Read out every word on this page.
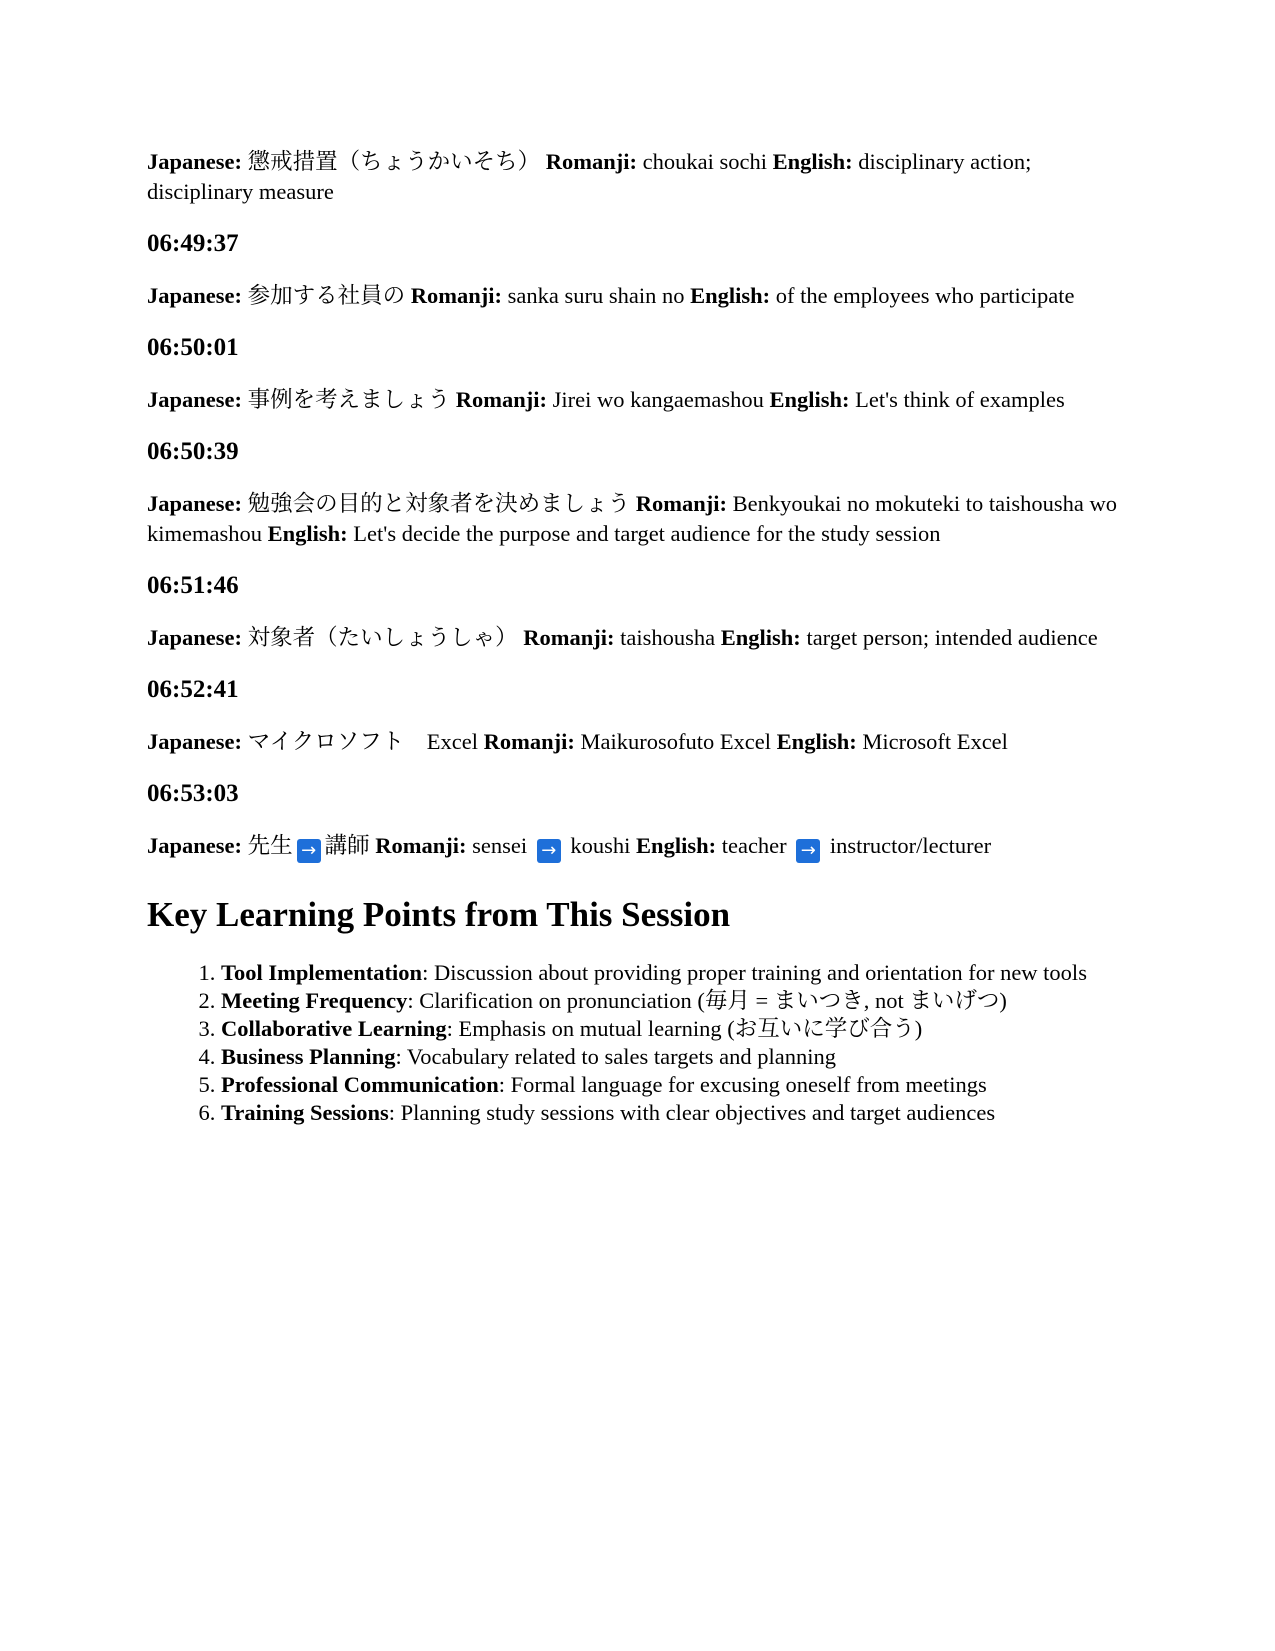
Japanese: 懲戒措置（ちょうかいそち） Romanji: choukai sochi English: disciplinary action; disciplinary measure

06:49:37

Japanese: 参加する社員の Romanji: sanka suru shain no English: of the employees who participate

06:50:01

Japanese: 事例を考えましょう Romanji: Jirei wo kangaemashou English: Let's think of examples

06:50:39

Japanese: 勉強会の目的と対象者を決めましょう Romanji: Benkyoukai no mokuteki to taishousha wo kimemashou English: Let's decide the purpose and target audience for the study session

06:51:46

Japanese: 対象者（たいしょうしゃ） Romanji: taishousha English: target person; intended audience

06:52:41

Japanese: マイクロソフト　Excel Romanji: Maikurosofuto Excel English: Microsoft Excel

06:53:03

Japanese: 先生 → 講師 Romanji: sensei → koushi English: teacher → instructor/lecturer

Key Learning Points from This Session
1. Tool Implementation: Discussion about providing proper training and orientation for new tools
2. Meeting Frequency: Clarification on pronunciation (毎月 = まいつき, not まいげつ)
3. Collaborative Learning: Emphasis on mutual learning (お互いに学び合う)
4. Business Planning: Vocabulary related to sales targets and planning
5. Professional Communication: Formal language for excusing oneself from meetings
6. Training Sessions: Planning study sessions with clear objectives and target audiences
